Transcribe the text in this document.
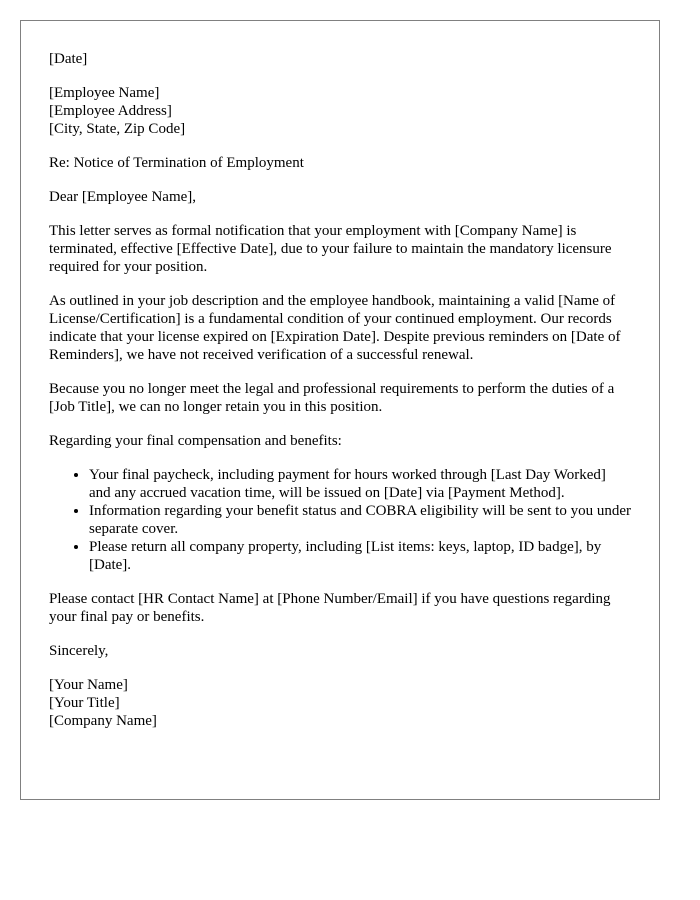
[Date]

[Employee Name]
[Employee Address]
[City, State, Zip Code]

Re: Notice of Termination of Employment

Dear [Employee Name],

This letter serves as formal notification that your employment with [Company Name] is terminated, effective [Effective Date], due to your failure to maintain the mandatory licensure required for your position.

As outlined in your job description and the employee handbook, maintaining a valid [Name of License/Certification] is a fundamental condition of your continued employment. Our records indicate that your license expired on [Expiration Date]. Despite previous reminders on [Date of Reminders], we have not received verification of a successful renewal.

Because you no longer meet the legal and professional requirements to perform the duties of a [Job Title], we can no longer retain you in this position.

Regarding your final compensation and benefits:

• Your final paycheck, including payment for hours worked through [Last Day Worked] and any accrued vacation time, will be issued on [Date] via [Payment Method].
• Information regarding your benefit status and COBRA eligibility will be sent to you under separate cover.
• Please return all company property, including [List items: keys, laptop, ID badge], by [Date].

Please contact [HR Contact Name] at [Phone Number/Email] if you have questions regarding your final pay or benefits.

Sincerely,

[Your Name]
[Your Title]
[Company Name]
